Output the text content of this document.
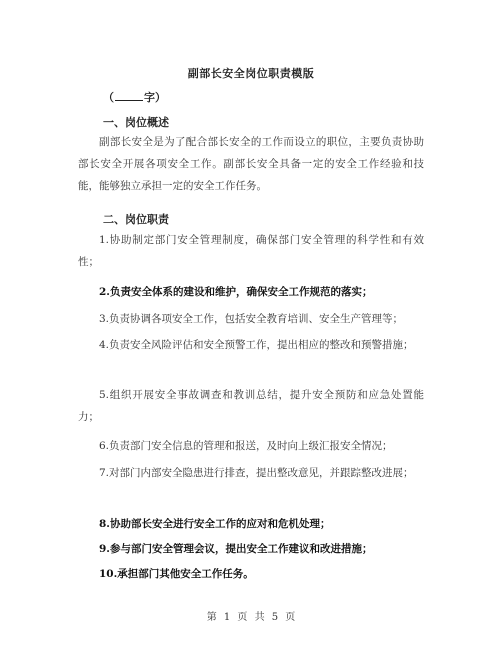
副部长安全岗位职责模版
（	字）
一、岗位概述
副部长安全是为了配合部长安全的工作而设立的职位，主要负责协助部长安全开展各项安全工作。副部长安全具备一定的安全工作经验和技能，能够独立承担一定的安全工作任务。
二、岗位职责
1.协助制定部门安全管理制度，确保部门安全管理的科学性和有效性；
2.负责安全体系的建设和维护，确保安全工作规范的落实；
3.负责协调各项安全工作，包括安全教育培训、安全生产管理等；
4.负责安全风险评估和安全预警工作，提出相应的整改和预警措施；
5.组织开展安全事故调查和教训总结，提升安全预防和应急处置能力；
6.负责部门安全信息的管理和报送，及时向上级汇报安全情况；
7.对部门内部安全隐患进行排查，提出整改意见，并跟踪整改进展；
8.协助部长安全进行安全工作的应对和危机处理；
9.参与部门安全管理会议，提出安全工作建议和改进措施；
10.承担部门其他安全工作任务。
第 1 页 共 5 页
